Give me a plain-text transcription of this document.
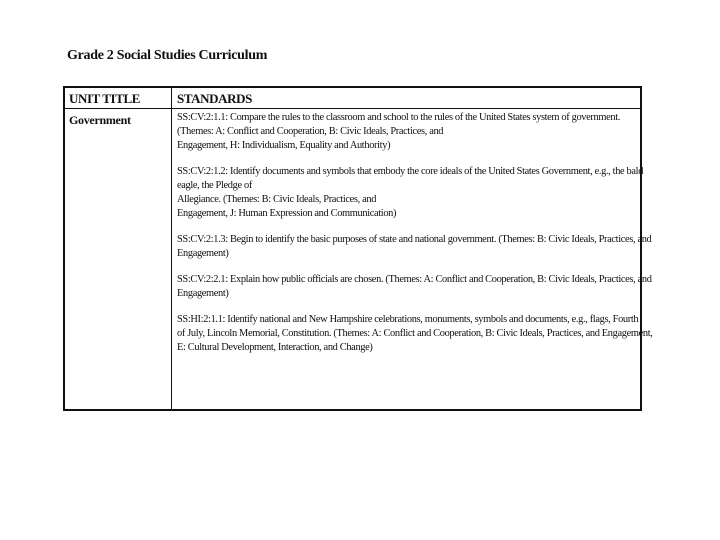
Grade 2 Social Studies Curriculum
UNIT TITLE	STANDARDS
Government	SS:CV:2:1.1: Compare the rules to the classroom and school to the rules of the United States system of government.
(Themes: A: Conflict and Cooperation, B: Civic Ideals, Practices, and
Engagement, H: Individualism, Equality and Authority)
SS:CV:2:1.2: Identify documents and symbols that embody the core ideals of the United States Government, e.g., the bald
eagle, the Pledge of
Allegiance. (Themes: B: Civic Ideals, Practices, and
Engagement, J: Human Expression and Communication)
SS:CV:2:1.3: Begin to identify the basic purposes of state and national government. (Themes: B: Civic Ideals, Practices, and
Engagement)
SS:CV:2:2.1: Explain how public officials are chosen. (Themes: A: Conflict and Cooperation, B: Civic Ideals, Practices, and
Engagement)
SS:HI:2:1.1: Identify national and New Hampshire celebrations, monuments, symbols and documents, e.g., flags, Fourth
of July, Lincoln Memorial, Constitution. (Themes: A: Conflict and Cooperation, B: Civic Ideals, Practices, and Engagement,
E: Cultural Development, Interaction, and Change)
